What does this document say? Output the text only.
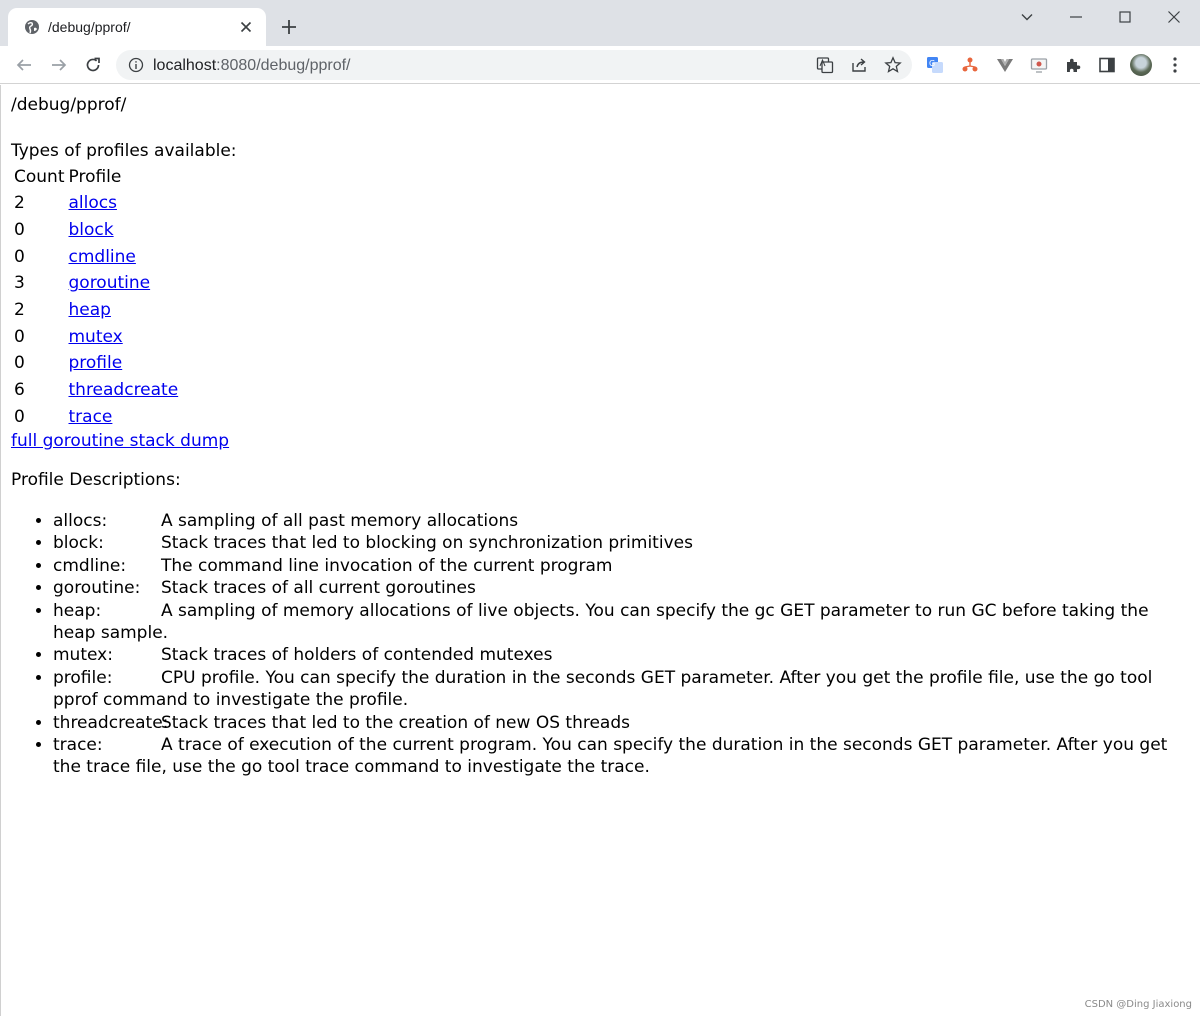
/debug/pprof/
localhost:8080/debug/pprof/	G
/debug/pprof/
Types of profiles available:
Count	Profile
2	allocs
0	block
0	cmdline
3	goroutine
2	heap
0	mutex
0	profile
6	threadcreate
0	trace
full goroutine stack dump
Profile Descriptions:
• allocs:	A sampling of all past memory allocations
• block:	Stack traces that led to blocking on synchronization primitives
• cmdline: The command line invocation of the current program
• goroutine: Stack traces of all current goroutines
• heap:	A sampling of memory allocations of live objects. You can specify the gc GET parameter to run GC before taking the heap sample.
• mutex:	Stack traces of holders of contended mutexes
• profile:	CPU profile. You can specify the duration in the seconds GET parameter. After you get the profile file, use the go tool pprof command to investigate the profile.
• threadcreate:Stack traces that led to the creation of new OS threads
• trace:	A trace of execution of the current program. You can specify the duration in the seconds GET parameter. After you get the trace file, use the go tool trace command to investigate the trace.
CSDN @Ding Jiaxiong
